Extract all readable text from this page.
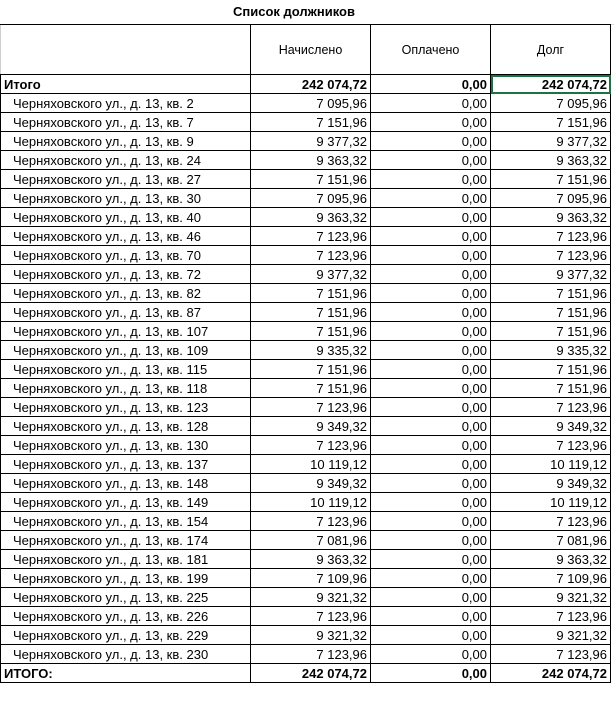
Список должников
	Начислено	Оплачено	Долг
Итого	242 074,72	0,00	242 074,72
Черняховского ул., д. 13, кв. 2	7 095,96	0,00	7 095,96
Черняховского ул., д. 13, кв. 7	7 151,96	0,00	7 151,96
Черняховского ул., д. 13, кв. 9	9 377,32	0,00	9 377,32
Черняховского ул., д. 13, кв. 24	9 363,32	0,00	9 363,32
Черняховского ул., д. 13, кв. 27	7 151,96	0,00	7 151,96
Черняховского ул., д. 13, кв. 30	7 095,96	0,00	7 095,96
Черняховского ул., д. 13, кв. 40	9 363,32	0,00	9 363,32
Черняховского ул., д. 13, кв. 46	7 123,96	0,00	7 123,96
Черняховского ул., д. 13, кв. 70	7 123,96	0,00	7 123,96
Черняховского ул., д. 13, кв. 72	9 377,32	0,00	9 377,32
Черняховского ул., д. 13, кв. 82	7 151,96	0,00	7 151,96
Черняховского ул., д. 13, кв. 87	7 151,96	0,00	7 151,96
Черняховского ул., д. 13, кв. 107	7 151,96	0,00	7 151,96
Черняховского ул., д. 13, кв. 109	9 335,32	0,00	9 335,32
Черняховского ул., д. 13, кв. 115	7 151,96	0,00	7 151,96
Черняховского ул., д. 13, кв. 118	7 151,96	0,00	7 151,96
Черняховского ул., д. 13, кв. 123	7 123,96	0,00	7 123,96
Черняховского ул., д. 13, кв. 128	9 349,32	0,00	9 349,32
Черняховского ул., д. 13, кв. 130	7 123,96	0,00	7 123,96
Черняховского ул., д. 13, кв. 137	10 119,12	0,00	10 119,12
Черняховского ул., д. 13, кв. 148	9 349,32	0,00	9 349,32
Черняховского ул., д. 13, кв. 149	10 119,12	0,00	10 119,12
Черняховского ул., д. 13, кв. 154	7 123,96	0,00	7 123,96
Черняховского ул., д. 13, кв. 174	7 081,96	0,00	7 081,96
Черняховского ул., д. 13, кв. 181	9 363,32	0,00	9 363,32
Черняховского ул., д. 13, кв. 199	7 109,96	0,00	7 109,96
Черняховского ул., д. 13, кв. 225	9 321,32	0,00	9 321,32
Черняховского ул., д. 13, кв. 226	7 123,96	0,00	7 123,96
Черняховского ул., д. 13, кв. 229	9 321,32	0,00	9 321,32
Черняховского ул., д. 13, кв. 230	7 123,96	0,00	7 123,96
ИТОГО:	242 074,72	0,00	242 074,72
